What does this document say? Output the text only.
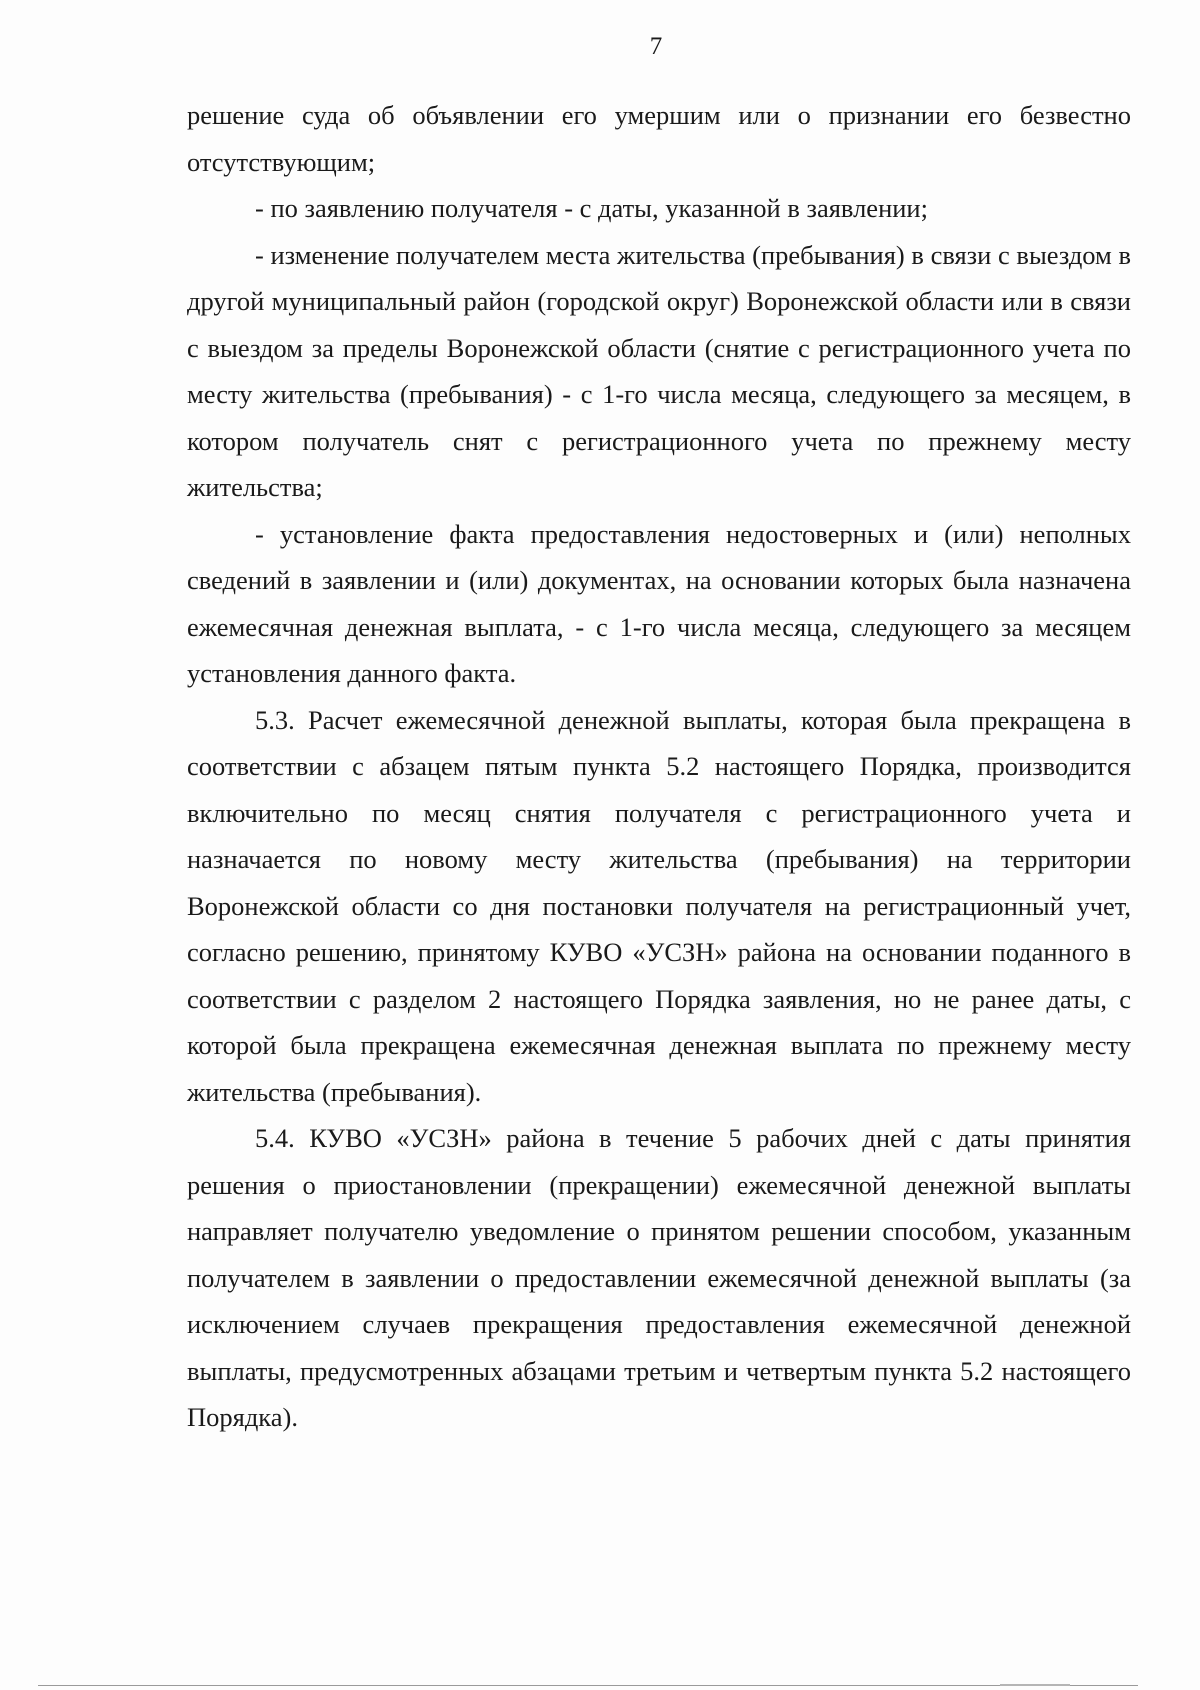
7

решение суда об объявлении его умершим или о признании его безвестно отсутствующим;

- по заявлению получателя - с даты, указанной в заявлении;

- изменение получателем места жительства (пребывания) в связи с выездом в другой муниципальный район (городской округ) Воронежской области или в связи с выездом за пределы Воронежской области (снятие с регистрационного учета по месту жительства (пребывания) - с 1-го числа месяца, следующего за месяцем, в котором получатель снят с регистрационного учета по прежнему месту жительства;

- установление факта предоставления недостоверных и (или) неполных сведений в заявлении и (или) документах, на основании которых была назначена ежемесячная денежная выплата, - с 1-го числа месяца, следующего за месяцем установления данного факта.

5.3. Расчет ежемесячной денежной выплаты, которая была прекращена в соответствии с абзацем пятым пункта 5.2 настоящего Порядка, производится включительно по месяц снятия получателя с регистрационного учета и назначается по новому месту жительства (пребывания) на территории Воронежской области со дня постановки получателя на регистрационный учет, согласно решению, принятому КУВО «УСЗН» района на основании поданного в соответствии с разделом 2 настоящего Порядка заявления, но не ранее даты, с которой была прекращена ежемесячная денежная выплата по прежнему месту жительства (пребывания).

5.4. КУВО «УСЗН» района в течение 5 рабочих дней с даты принятия решения о приостановлении (прекращении) ежемесячной денежной выплаты направляет получателю уведомление о принятом решении способом, указанным получателем в заявлении о предоставлении ежемесячной денежной выплаты (за исключением случаев прекращения предоставления ежемесячной денежной выплаты, предусмотренных абзацами третьим и четвертым пункта 5.2 настоящего Порядка).
